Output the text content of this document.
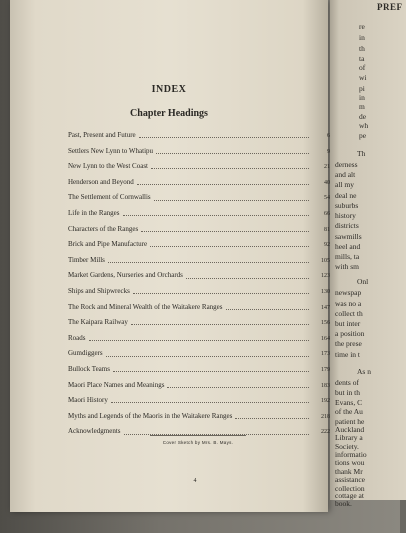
INDEX
Chapter Headings
Past, Present and Future	6
Settlers New Lynn to Whatipu	9
New Lynn to the West Coast	21
Henderson and Beyond	40
The Settlement of Cornwallis	54
Life in the Ranges	66
Characters of the Ranges	81
Brick and Pipe Manufacture	92
Timber Mills	105
Market Gardens, Nurseries and Orchards	123
Ships and Shipwrecks	130
The Rock and Mineral Wealth of the Waitakere Ranges	147
The Kaipara Railway	156
Roads	164
Gumdiggers	173
Bullock Teams	179
Maori Place Names and Meanings	183
Maori History	192
Myths and Legends of the Maoris in the Waitakere Ranges	218
Acknowledgments	222
Cover Sketch by Mrs. B. Mays.
4
PREF
re
in
th
ta
of
wi
pi
in
m
de
wh
pe
Th
derness
and alt
all my
deal ne
suburbs
history
districts
sawmills
heel and
mills, ta
with sm
Onl
newspap
was no a
collect th
but inter
a position
the prese
time in t
As n
dents of
but in th
Evans, C
of the Au
patient he
Auckland
Library a
Society.
informatio
tions wou
thank Mr
assistance
collection
cottage at
book.
